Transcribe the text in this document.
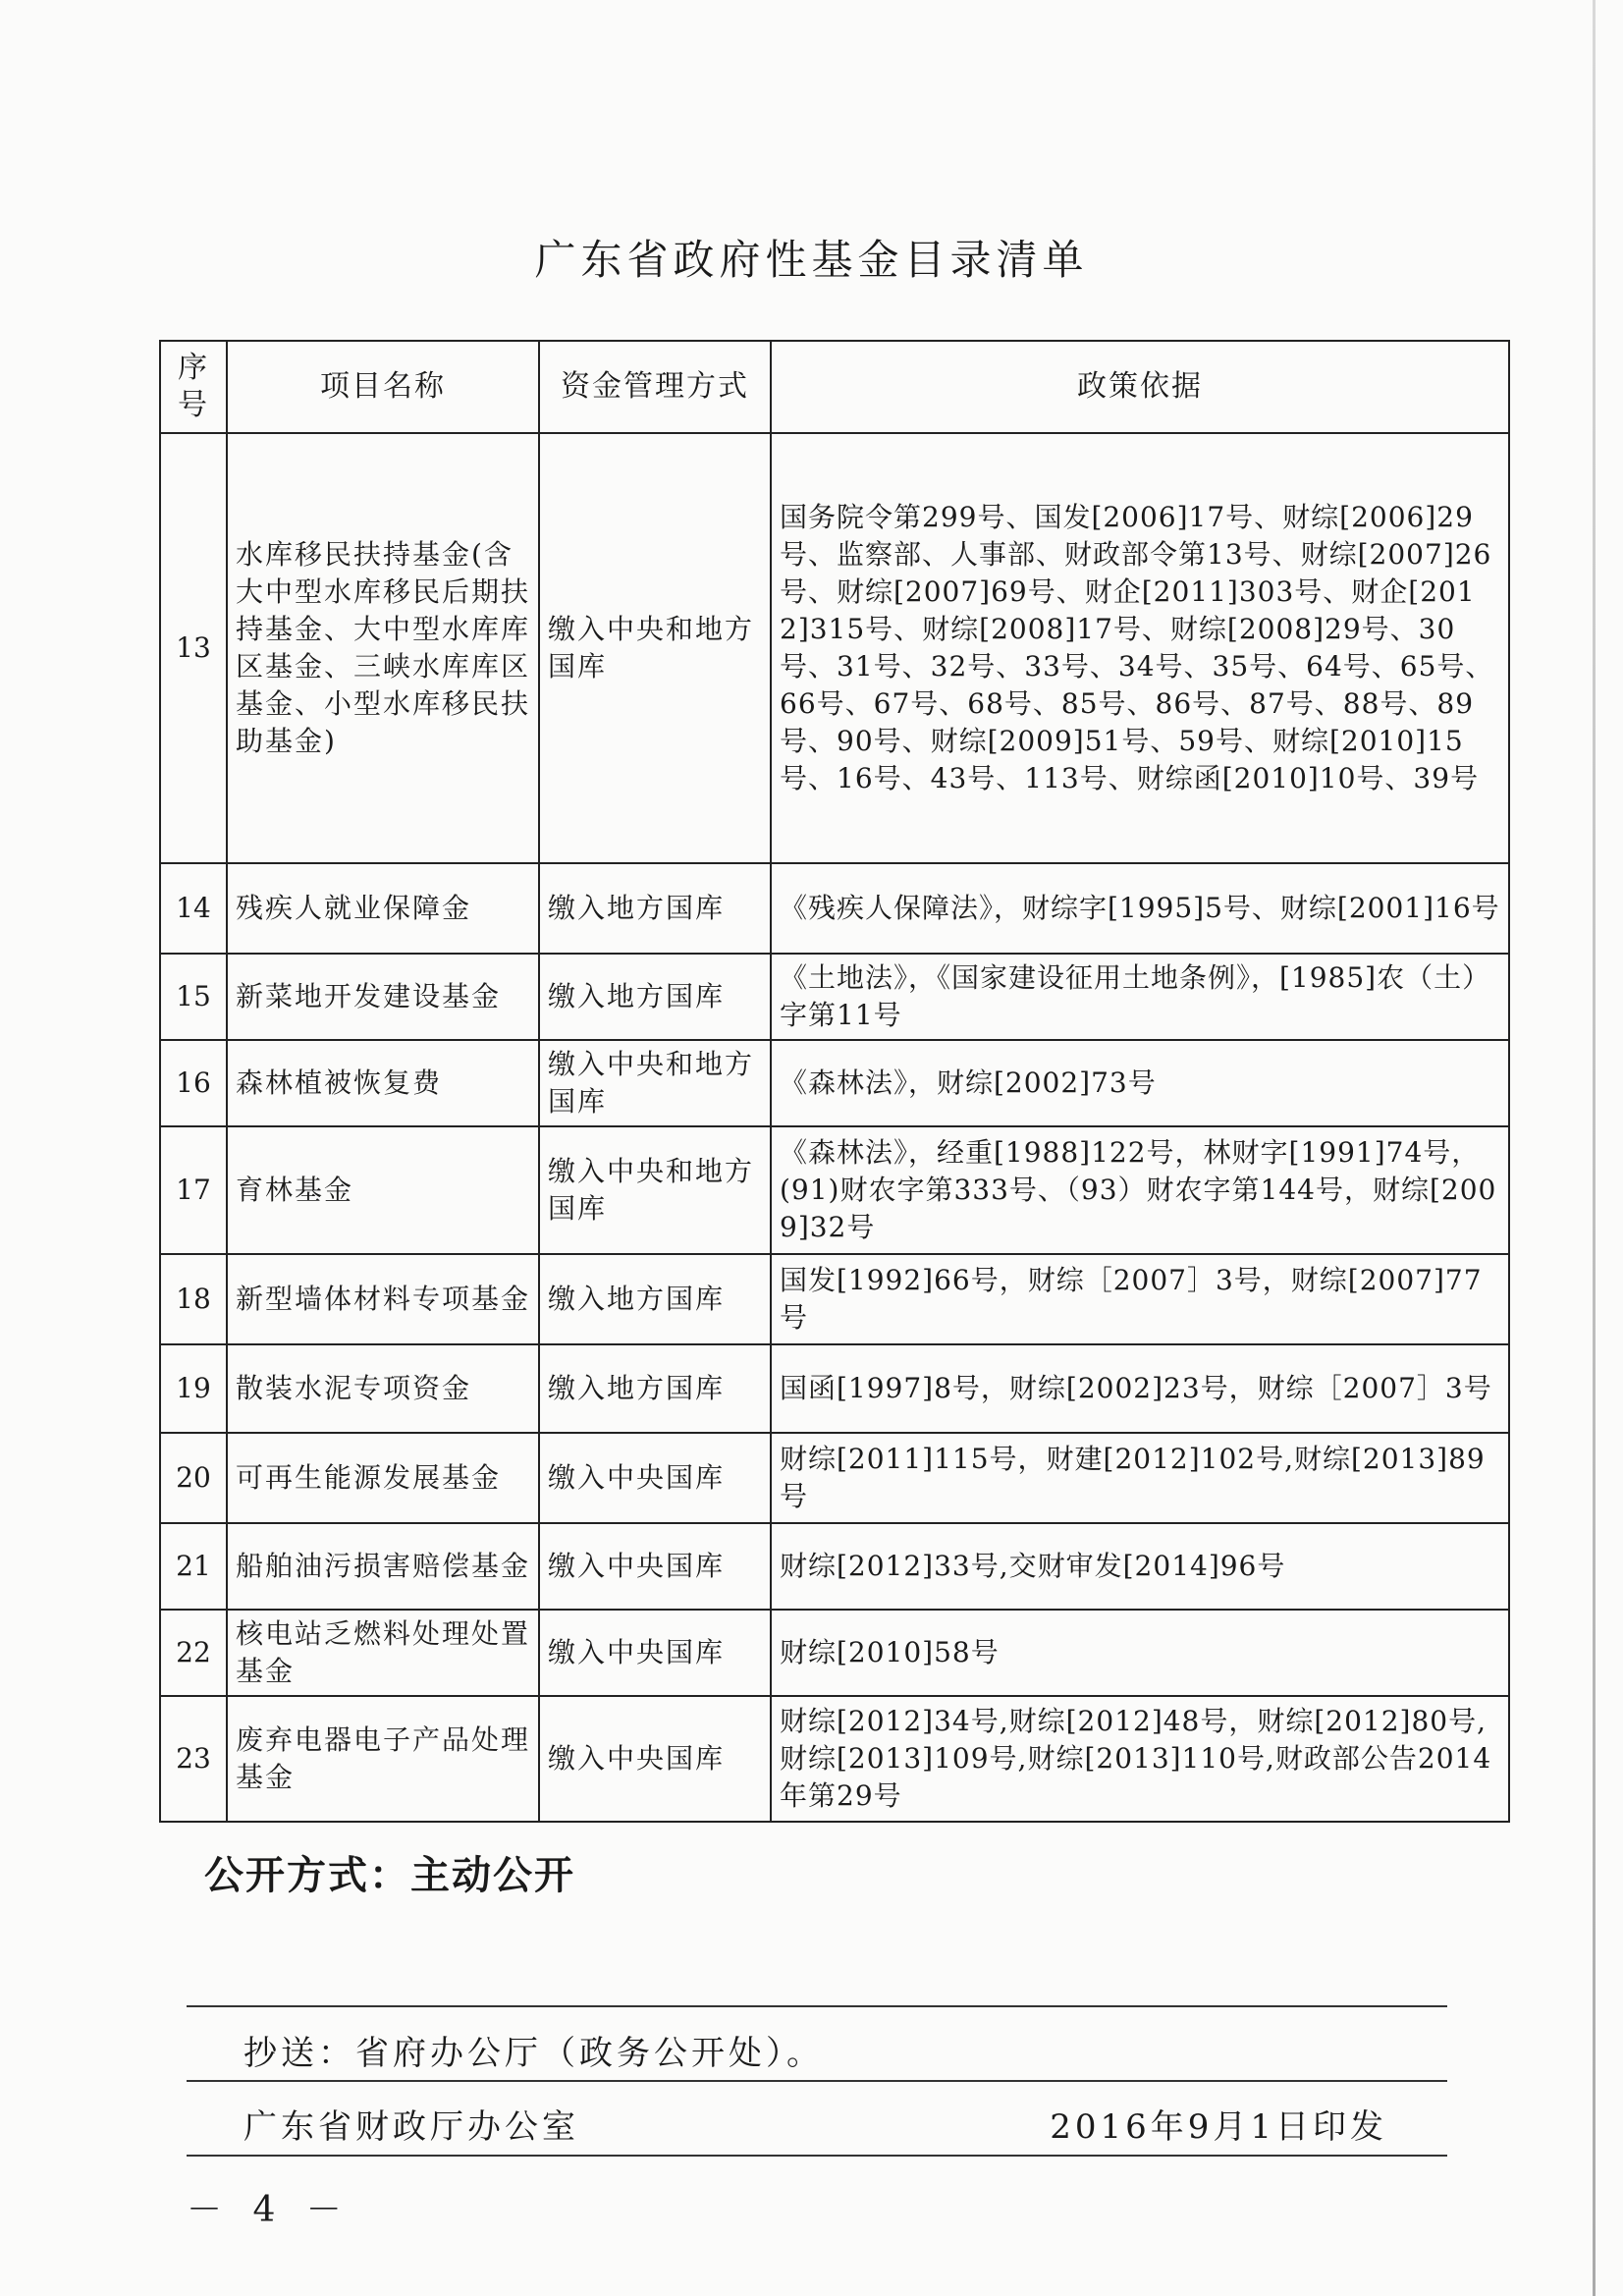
广东省政府性基金目录清单
序号	项目名称	资金管理方式	政策依据
13	水库移民扶持基金(含大中型水库移民后期扶持基金、大中型水库库区基金、三峡水库库区基金、小型水库移民扶助基金)	缴入中央和地方国库	国务院令第299号、国发[2006]17号、财综[2006]29号、监察部、人事部、财政部令第13号、财综[2007]26号、财综[2007]69号、财企[2011]303号、财企[2012]315号、财综[2008]17号、财综[2008]29号、30号、31号、32号、33号、34号、35号、64号、65号、66号、67号、68号、85号、86号、87号、88号、89号、90号、财综[2009]51号、59号、财综[2010]15号、16号、43号、113号、财综函[2010]10号、39号
14	残疾人就业保障金	缴入地方国库	《残疾人保障法》，财综字[1995]5号、财综[2001]16号
15	新菜地开发建设基金	缴入地方国库	《土地法》，《国家建设征用土地条例》，[1985]农（土）字第11号
16	森林植被恢复费	缴入中央和地方国库	《森林法》，财综[2002]73号
17	育林基金	缴入中央和地方国库	《森林法》，经重[1988]122号，林财字[1991]74号，(91)财农字第333号、（93）财农字第144号，财综[2009]32号
18	新型墙体材料专项基金	缴入地方国库	国发[1992]66号，财综［2007］3号，财综[2007]77号
19	散装水泥专项资金	缴入地方国库	国函[1997]8号，财综[2002]23号，财综［2007］3号
20	可再生能源发展基金	缴入中央国库	财综[2011]115号，财建[2012]102号,财综[2013]89号
21	船舶油污损害赔偿基金	缴入中央国库	财综[2012]33号,交财审发[2014]96号
22	核电站乏燃料处理处置基金	缴入中央国库	财综[2010]58号
23	废弃电器电子产品处理基金	缴入中央国库	财综[2012]34号,财综[2012]48号，财综[2012]80号,财综[2013]109号,财综[2013]110号,财政部公告2014年第29号
公开方式：主动公开
抄送：省府办公厅（政务公开处）。
广东省财政厅办公室	2016年9月1日印发
－ 4 －
